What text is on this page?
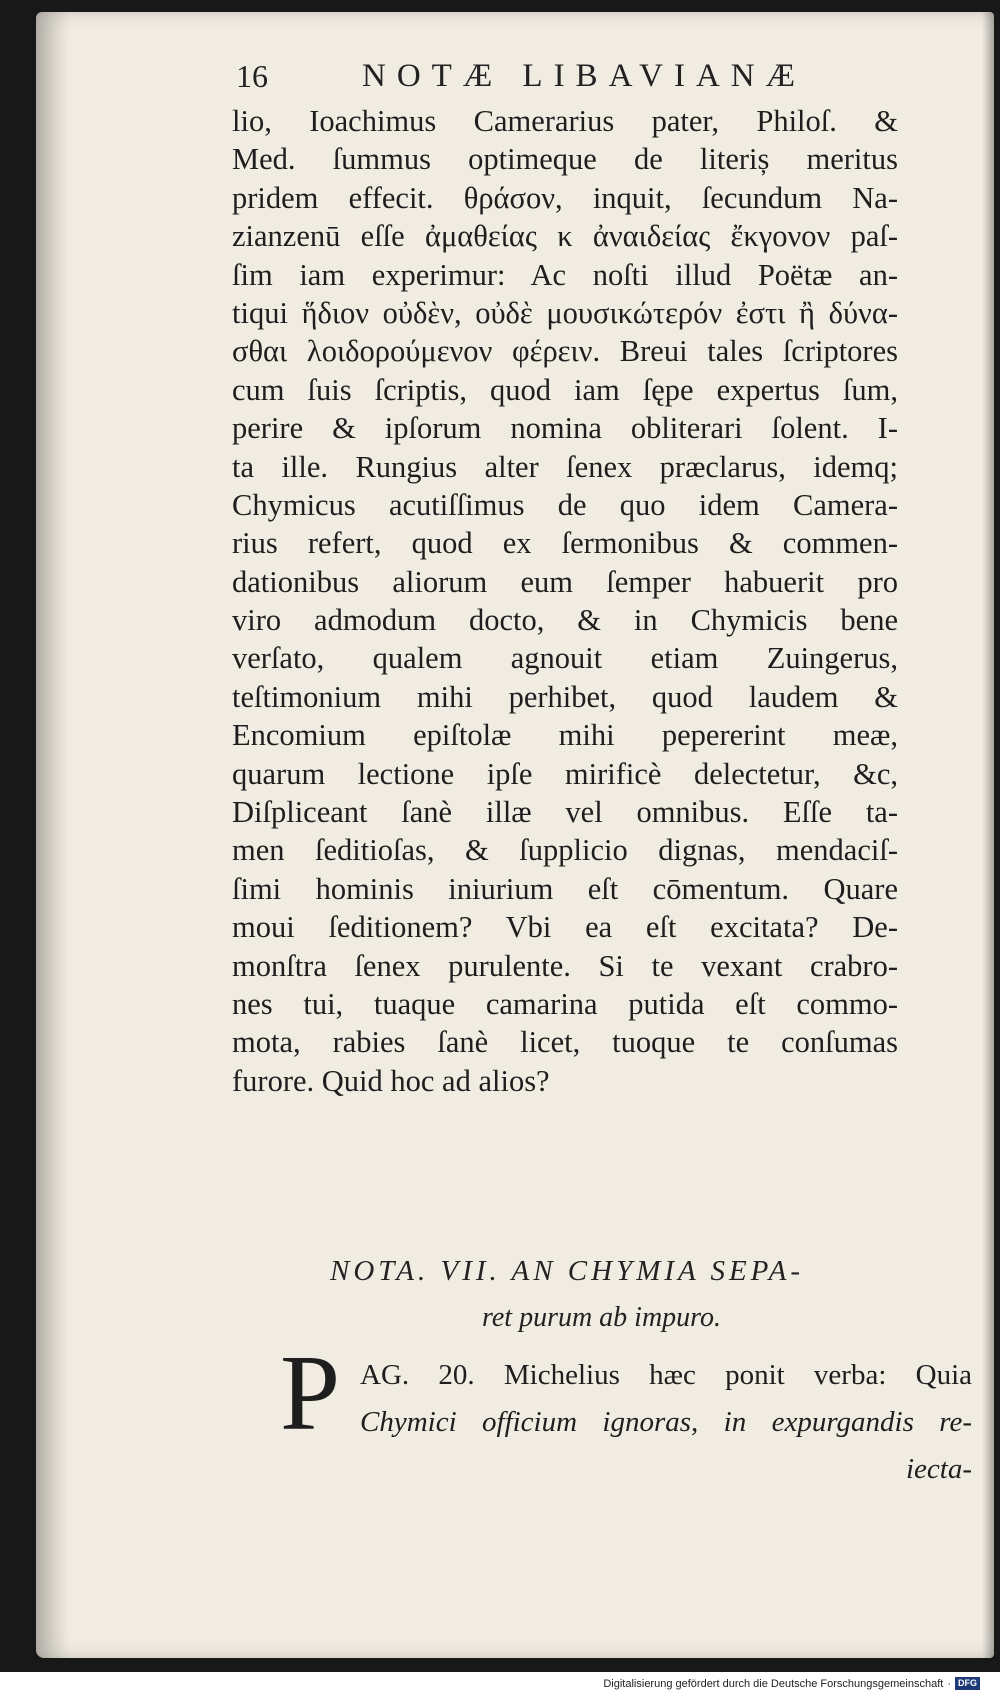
16	NOTÆ LIBAVIANÆ
lio, Ioachimus Camerarius pater, Philoſ. &
Med. ſummus optimeque de literiș meritus
pridem effecit. θράσον, inquit, ſecundum Na-
zianzenū eſſe ἀμαθείας κ ἀναιδείας ἔκγονον paſ-
ſim iam experimur: Ac noſti illud Poëtæ an-
tiqui ἥδιον οὐδὲν, οὐδὲ μουσικώτερόν ἐστι ἢ δύνα-
σθαι λοιδορούμενον φέρειν. Breui tales ſcriptores
cum ſuis ſcriptis, quod iam ſępe expertus ſum,
perire & ipſorum nomina obliterari ſolent. I-
ta ille. Rungius alter ſenex præclarus, idemq;
Chymicus acutiſſimus de quo idem Camera-
rius refert, quod ex ſermonibus & commen-
dationibus aliorum eum ſemper habuerit pro
viro admodum docto, & in Chymicis bene
verſato, qualem agnouit etiam Zuingerus,
teſtimonium mihi perhibet, quod laudem &
Encomium epiſtolæ mihi pepererint meæ,
quarum lectione ipſe mirificè delectetur, &c,
Diſpliceant ſanè illæ vel omnibus. Eſſe ta-
men ſeditioſas, & ſupplicio dignas, mendaciſ-
ſimi hominis iniurium eſt cōmentum. Quare
moui ſeditionem? Vbi ea eſt excitata? De-
monſtra ſenex purulente. Si te vexant crabro-
nes tui, tuaque camarina putida eſt commo-
mota, rabies ſanè licet, tuoque te conſumas
furore. Quid hoc ad alios?
NOTA. VII. AN CHYMIA SEPA-
ret purum ab impuro.
P AG. 20. Michelius hæc ponit verba: Quia
Chymici officium ignoras, in expurgandis re-
iecta-
Digitalisierung gefördert durch die Deutsche Forschungsgemeinschaft · DFG
